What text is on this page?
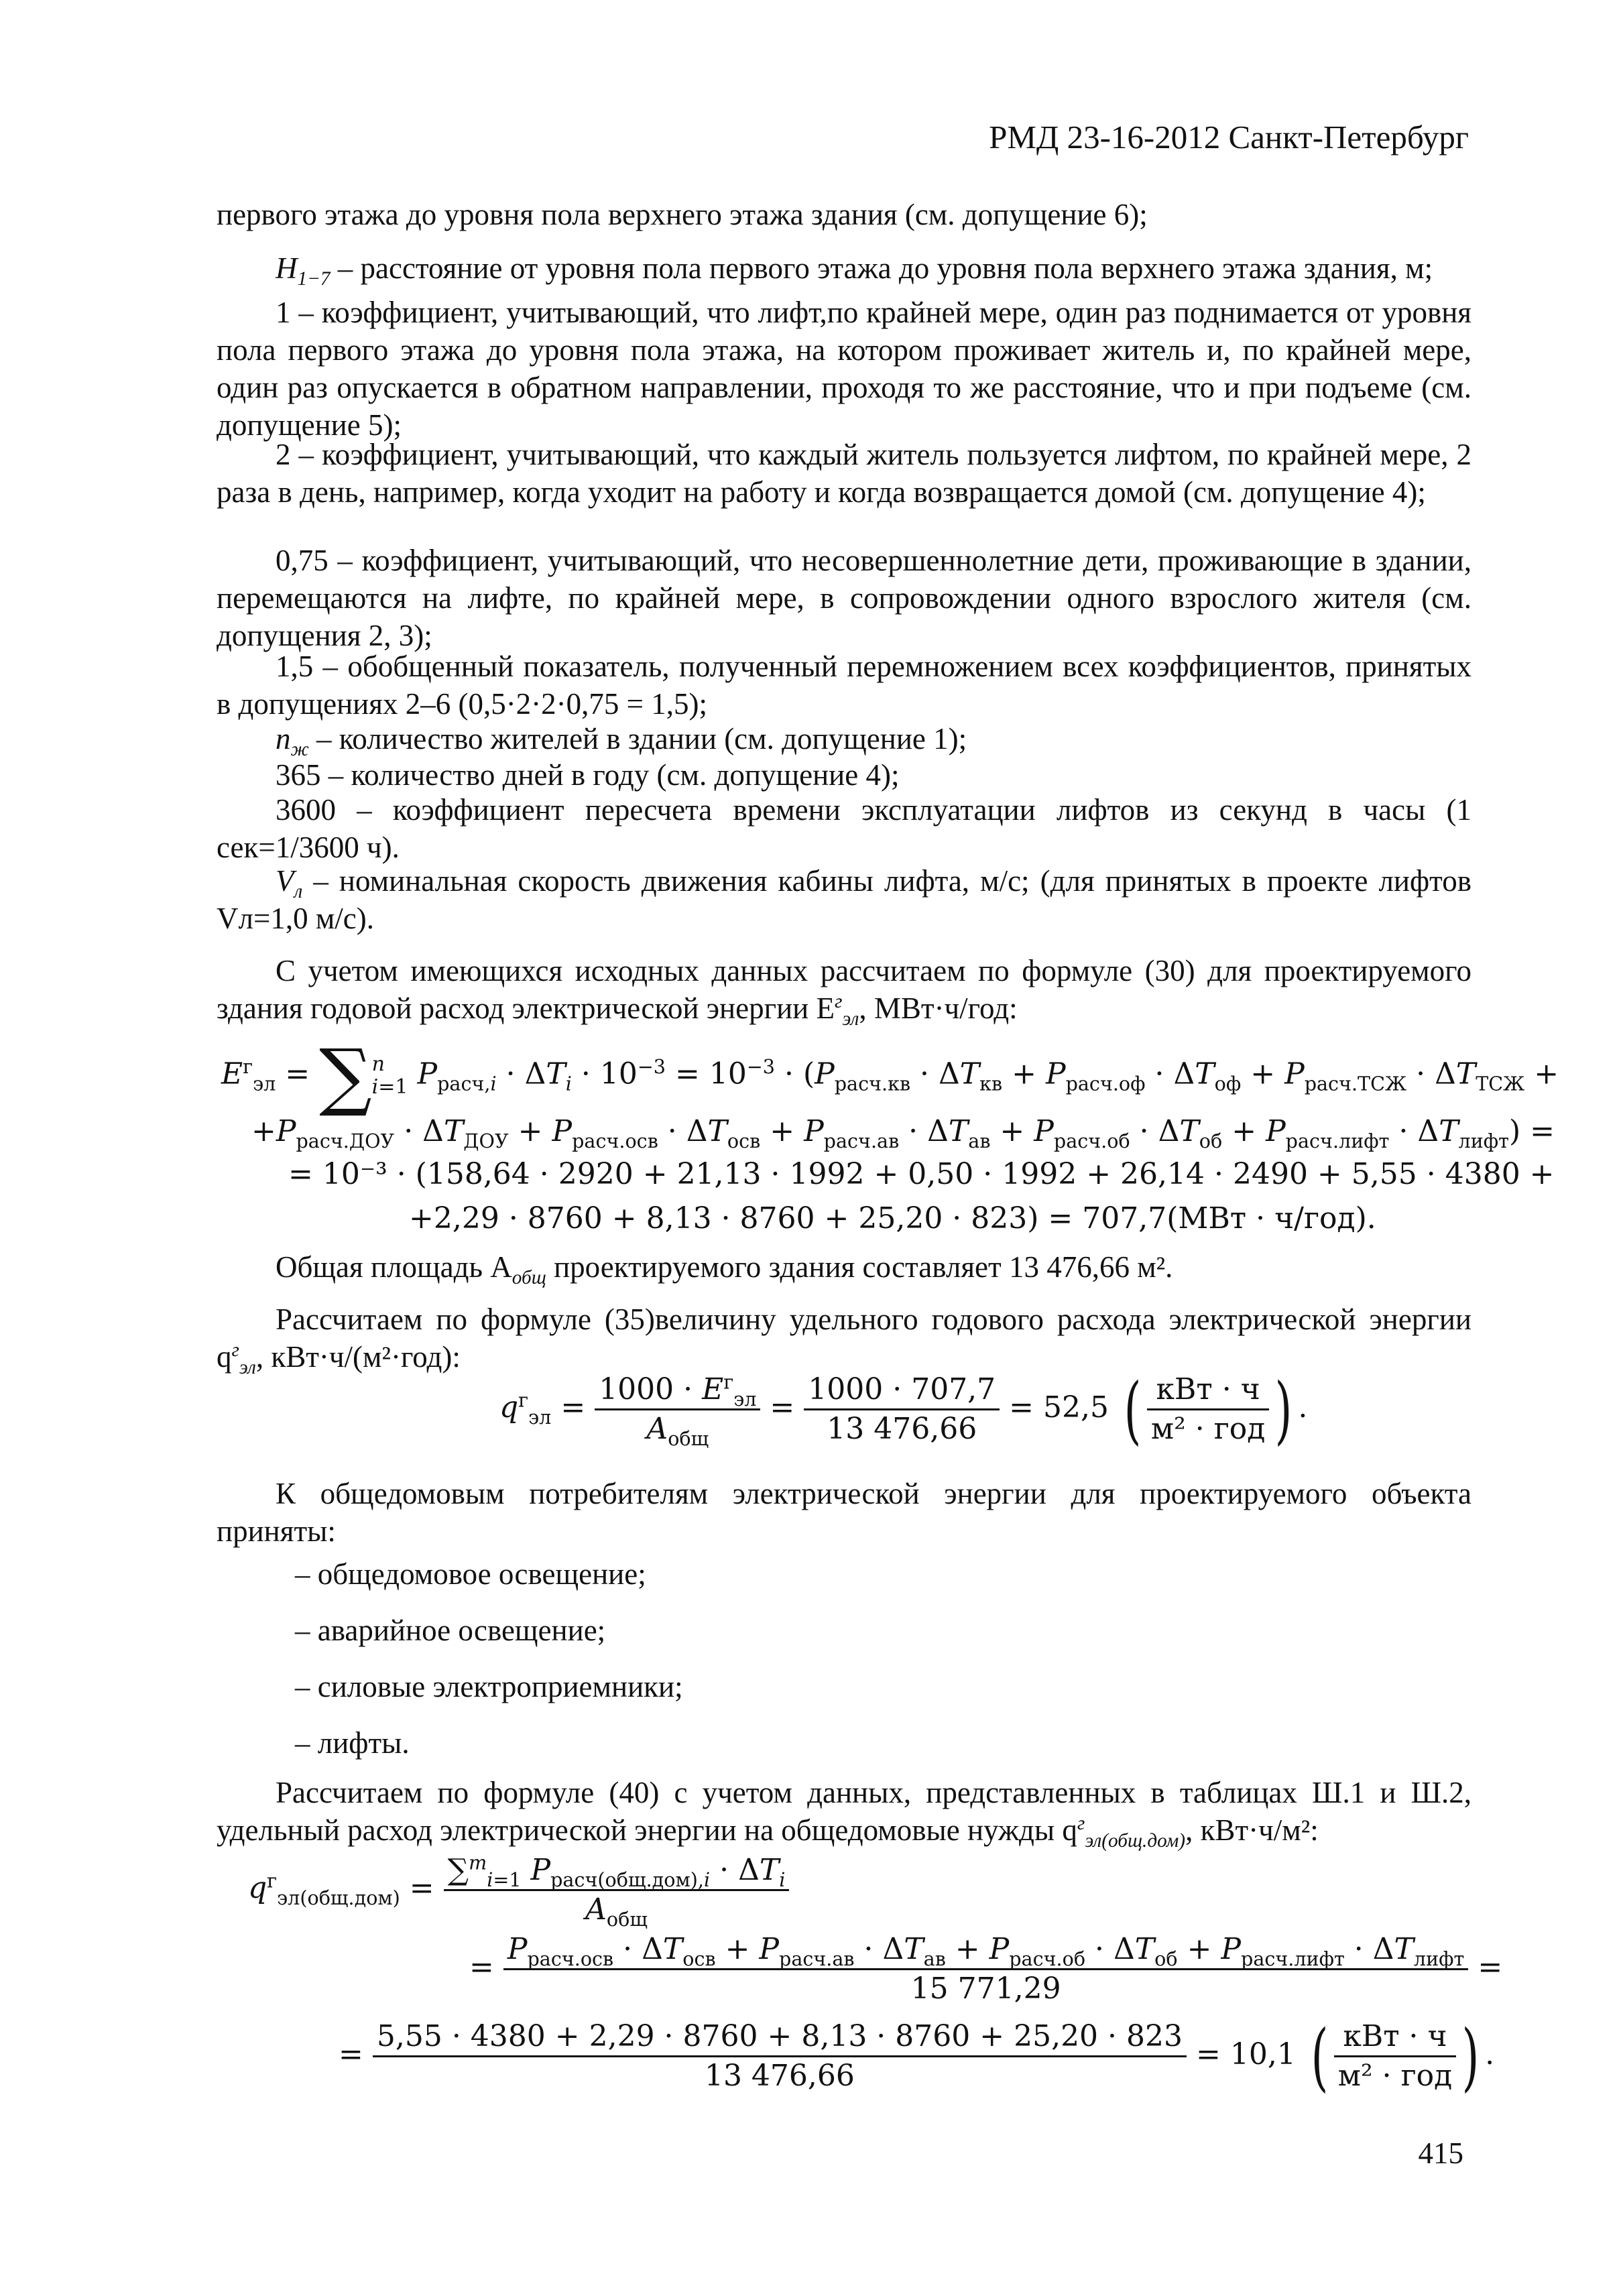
РМД 23-16-2012 Санкт-Петербург
первого этажа до уровня пола верхнего этажа здания (см. допущение 6);
$H_{1-7}$ – расстояние от уровня пола первого этажа до уровня пола верхнего этажа здания, м;
1 – коэффициент, учитывающий, что лифт,по крайней мере, один раз поднимается от уровня пола первого этажа до уровня пола этажа, на котором проживает житель и, по крайней мере, один раз опускается в обратном направлении, проходя то же расстояние, что и при подъеме (см. допущение 5);
2 – коэффициент, учитывающий, что каждый житель пользуется лифтом, по крайней мере, 2 раза в день, например, когда уходит на работу и когда возвращается домой (см. допущение 4);
0,75 – коэффициент, учитывающий, что несовершеннолетние дети, проживающие в здании, перемещаются на лифте, по крайней мере, в сопровождении одного взрослого жителя (см. допущения 2, 3);
1,5 – обобщенный показатель, полученный перемножением всех коэффициентов, принятых в допущениях 2–6 (0,5·2·2·0,75 = 1,5);
$n_ж$ – количество жителей в здании (см. допущение 1);
365 – количество дней в году (см. допущение 4);
3600 – коэффициент пересчета времени эксплуатации лифтов из секунд в часы (1 сек=1/3600 ч).
$V_л$ – номинальная скорость движения кабины лифта, м/с; (для принятых в проекте лифтов Vл=1,0 м/с).
С учетом имеющихся исходных данных рассчитаем по формуле (30) для проектируемого здания годовой расход электрической энергии $E^г_{эл}$, МВт·ч/год:
$E^г_{эл}$ = ∑ n
i=1 $P_{расч,i} \cdot \Delta T_i \cdot 10^{-3} = 10^{-3} \cdot (P_{расч.кв} \cdot \Delta T_{кв} + P_{расч.оф} \cdot \Delta T_{оф} + P_{расч.ТСЖ} \cdot \Delta T_{ТСЖ}$ +
$+P_{расч.ДОУ} \cdot \Delta T_{ДОУ} + P_{расч.осв} \cdot \Delta T_{осв} + P_{расч.ав} \cdot \Delta T_{ав} + P_{расч.об} \cdot \Delta T_{об} + P_{расч.лифт} \cdot \Delta T_{лифт}$) =
= 10⁻³ · (158,64 · 2920 + 21,13 · 1992 + 0,50 · 1992 + 26,14 · 2490 + 5,55 · 4380 +
+2,29 · 8760 + 8,13 · 8760 + 25,20 · 823) = 707,7(МВт · ч/год).
Общая площадь $A_{общ}$ проектируемого здания составляет 13 476,66 м².
Рассчитаем по формуле (35)величину удельного годового расхода электрической энергии $q^г_{эл}$, кВт·ч/(м²·год):
$q^г_{эл} = \frac{1000 \cdot E^г_{эл}}{A_{общ}} = \frac{1000 \cdot 707,7}{13 476,66} = 52,5$ ( $\frac{\text{кВт · ч}}{\text{м² · год}}$ ) .
К общедомовым потребителям электрической энергии для проектируемого объекта приняты:
– общедомовое освещение;
– аварийное освещение;
– силовые электроприемники;
– лифты.
Рассчитаем по формуле (40) с учетом данных, представленных в таблицах Ш.1 и Ш.2, удельный расход электрической энергии на общедомовые нужды $q^г_{эл(общ.дом)}$, кВт·ч/м²:
$q^г_{эл(общ.дом)} = \frac{\sum^m_{i=1} P_{расч(общ.дом),i} \cdot \Delta T_i}{A_{общ}}$
=
$P_{расч.осв} \cdot \Delta T_{осв} + P_{расч.ав} \cdot \Delta T_{ав} + P_{расч.об} \cdot \Delta T_{об} + P_{расч.лифт} \cdot \Delta T_{лифт}$
15 771,29
=
= $\frac{5,55 \cdot 4380 + 2,29 \cdot 8760 + 8,13 \cdot 8760 + 25,20 \cdot 823}{13 476,66} = 10,1$ ( $\frac{\text{кВт · ч}}{\text{м² · год}}$ ) .
415
